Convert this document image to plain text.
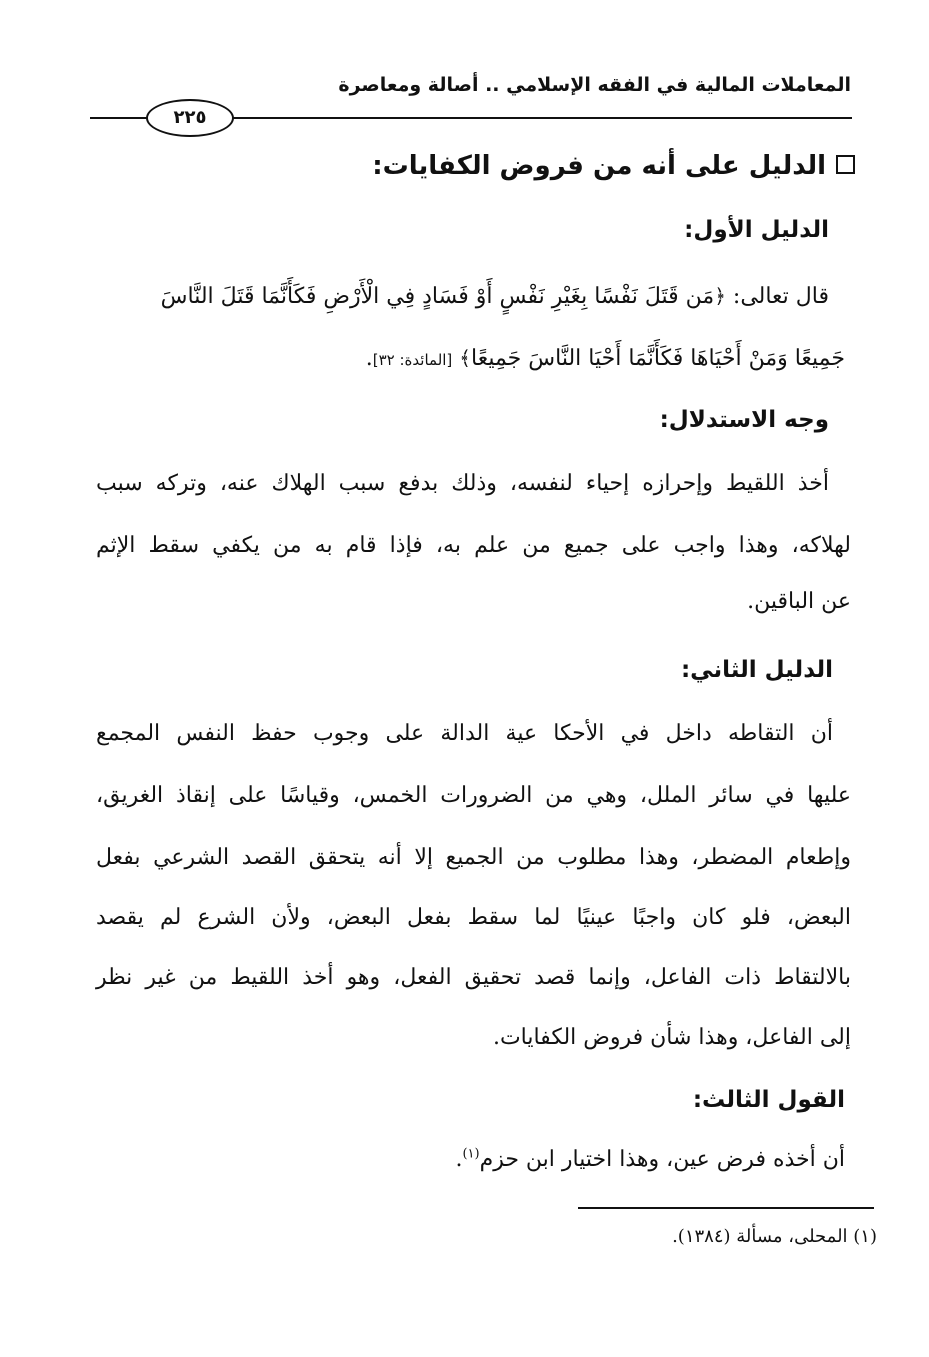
المعاملات المالية في الفقه الإسلامي .. أصالة ومعاصرة
٢٢٥
الدليل على أنه من فروض الكفايات:
الدليل الأول:
قال تعالى: ﴿مَن قَتَلَ نَفْسًا بِغَيْرِ نَفْسٍ أَوْ فَسَادٍ فِي الْأَرْضِ فَكَأَنَّمَا قَتَلَ النَّاسَ
جَمِيعًا وَمَنْ أَحْيَاهَا فَكَأَنَّمَا أَحْيَا النَّاسَ جَمِيعًا﴾ [المائدة: ٣٢].
وجه الاستدلال:
أخذ اللقيط وإحرازه إحياء لنفسه، وذلك بدفع سبب الهلاك عنه، وتركه سبب
لهلاكه، وهذا واجب على جميع من علم به، فإذا قام به من يكفي سقط الإثم
عن الباقين.
الدليل الثاني:
أن التقاطه داخل في الأحكا عية الدالة على وجوب حفظ النفس المجمع
عليها في سائر الملل، وهي من الضرورات الخمس، وقياسًا على إنقاذ الغريق،
وإطعام المضطر، وهذا مطلوب من الجميع إلا أنه يتحقق القصد الشرعي بفعل
البعض، فلو كان واجبًا عينيًا لما سقط بفعل البعض، ولأن الشرع لم يقصد
بالالتقاط ذات الفاعل، وإنما قصد تحقيق الفعل، وهو أخذ اللقيط من غير نظر
إلى الفاعل، وهذا شأن فروض الكفايات.
القول الثالث:
أن أخذه فرض عين، وهذا اختيار ابن حزم$^{(١)}$.
(١) المحلى، مسألة (١٣٨٤).
